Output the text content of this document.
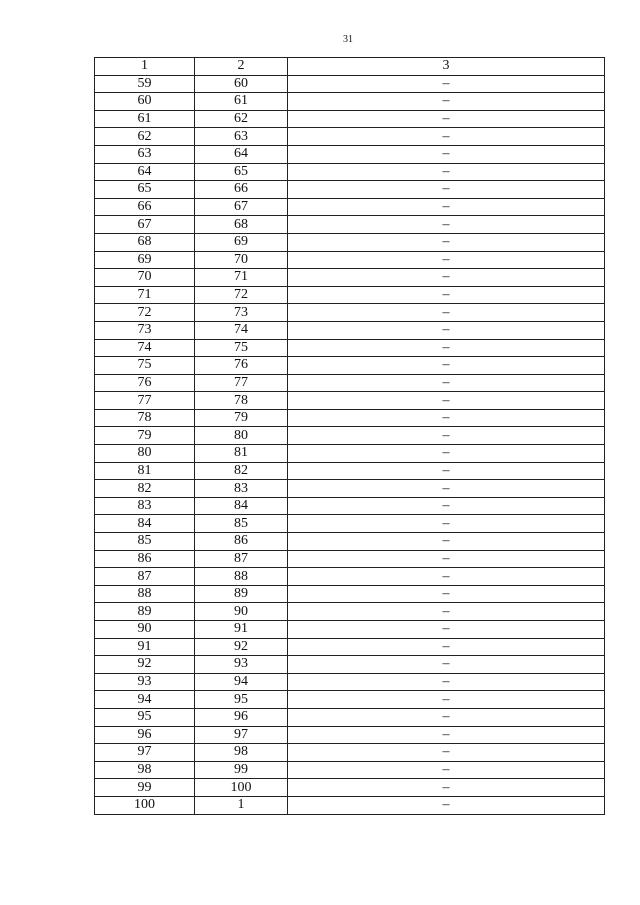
31
1	2	3
59	60	–
60	61	–
61	62	–
62	63	–
63	64	–
64	65	–
65	66	–
66	67	–
67	68	–
68	69	–
69	70	–
70	71	–
71	72	–
72	73	–
73	74	–
74	75	–
75	76	–
76	77	–
77	78	–
78	79	–
79	80	–
80	81	–
81	82	–
82	83	–
83	84	–
84	85	–
85	86	–
86	87	–
87	88	–
88	89	–
89	90	–
90	91	–
91	92	–
92	93	–
93	94	–
94	95	–
95	96	–
96	97	–
97	98	–
98	99	–
99	100	–
100	1	–
